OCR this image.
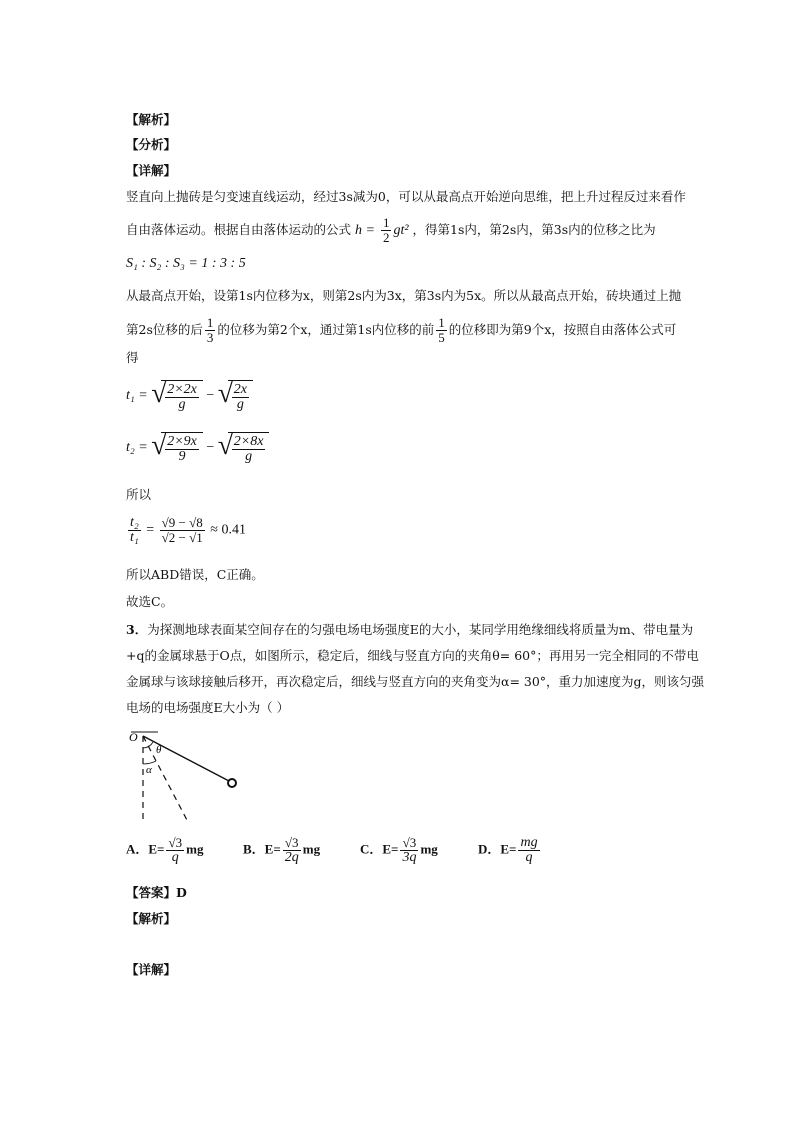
【解析】
【分析】
【详解】
竖直向上抛砖是匀变速直线运动，经过3s减为0，可以从最高点开始逆向思维，把上升过程反过来看作
自由落体运动。根据自由落体运动的公式 $h = \frac{1}{2} gt^2$ ，得第1s内，第2s内，第3s内的位移之比为
S₁ : S₂ : S₃ = 1 : 3 : 5
从最高点开始，设第1s内位移为x，则第2s内为3x，第3s内为5x。所以从最高点开始，砖块通过上抛
第2s位移的后 $\frac{1}{3}$ 的位移为第2个x，通过第1s内位移的前 $\frac{1}{5}$ 的位移即为第9个x，按照自由落体公式可
得
t₁ = √ $\frac{2\times 2x}{g}$ − √ $\frac{2x}{g}$
t₂ = √ $\frac{2\times 9x}{9}$ − √ $\frac{2\times 8x}{g}$
所以
$\frac{\text{t₂}}{\text{t₁}} = \frac{√9 - √8}{√2 - √1} \approx 0.41$
所以ABD错误，C正确。
故选C。
3．为探测地球表面某空间存在的匀强电场电场强度E的大小，某同学用绝缘细线将质量为m、带电量为
+q的金属球悬于O点，如图所示，稳定后，细线与竖直方向的夹角θ= 60°；再用另一完全相同的不带电
金属球与该球接触后移开，再次稳定后，细线与竖直方向的夹角变为α= 30°，重力加速度为g，则该匀强
电场的电场强度E大小为（ ）
O
θ
α
A．$E= \frac{√3}{q}$ mg	B．$E= \frac{√3}{2q}$ mg	C．$E= \frac{√3}{3q}$ mg	D．$E= \frac{mg}{q}$
【答案】D
【解析】
【详解】
